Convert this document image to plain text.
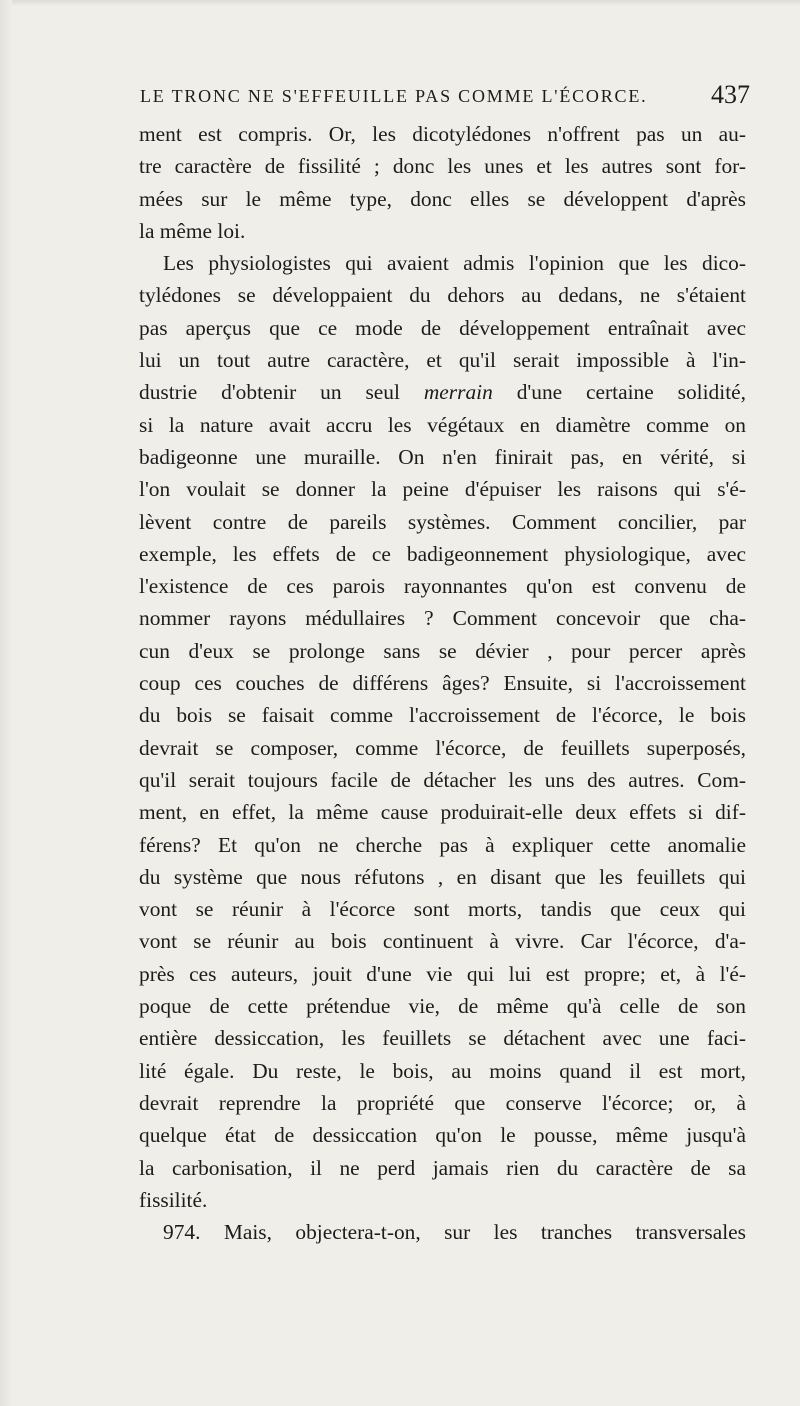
LE TRONC NE S'EFFEUILLE PAS COMME L'ÉCORCE. 437
ment est compris. Or, les dicotylédones n'offrent pas un au-
tre caractère de fissilité ; donc les unes et les autres sont for-
mées sur le même type, donc elles se développent d'après
la même loi.
Les physiologistes qui avaient admis l'opinion que les dico-
tylédones se développaient du dehors au dedans, ne s'étaient
pas aperçus que ce mode de développement entraînait avec
lui un tout autre caractère, et qu'il serait impossible à l'in-
dustrie d'obtenir un seul merrain d'une certaine solidité,
si la nature avait accru les végétaux en diamètre comme on
badigeonne une muraille. On n'en finirait pas, en vérité, si
l'on voulait se donner la peine d'épuiser les raisons qui s'é-
lèvent contre de pareils systèmes. Comment concilier, par
exemple, les effets de ce badigeonnement physiologique, avec
l'existence de ces parois rayonnantes qu'on est convenu de
nommer rayons médullaires ? Comment concevoir que cha-
cun d'eux se prolonge sans se dévier , pour percer après
coup ces couches de différens âges? Ensuite, si l'accroissement
du bois se faisait comme l'accroissement de l'écorce, le bois
devrait se composer, comme l'écorce, de feuillets superposés,
qu'il serait toujours facile de détacher les uns des autres. Com-
ment, en effet, la même cause produirait-elle deux effets si dif-
férens? Et qu'on ne cherche pas à expliquer cette anomalie
du système que nous réfutons , en disant que les feuillets qui
vont se réunir à l'écorce sont morts, tandis que ceux qui
vont se réunir au bois continuent à vivre. Car l'écorce, d'a-
près ces auteurs, jouit d'une vie qui lui est propre; et, à l'é-
poque de cette prétendue vie, de même qu'à celle de son
entière dessiccation, les feuillets se détachent avec une faci-
lité égale. Du reste, le bois, au moins quand il est mort,
devrait reprendre la propriété que conserve l'écorce; or, à
quelque état de dessiccation qu'on le pousse, même jusqu'à
la carbonisation, il ne perd jamais rien du caractère de sa
fissilité.
974. Mais, objectera-t-on, sur les tranches transversales
